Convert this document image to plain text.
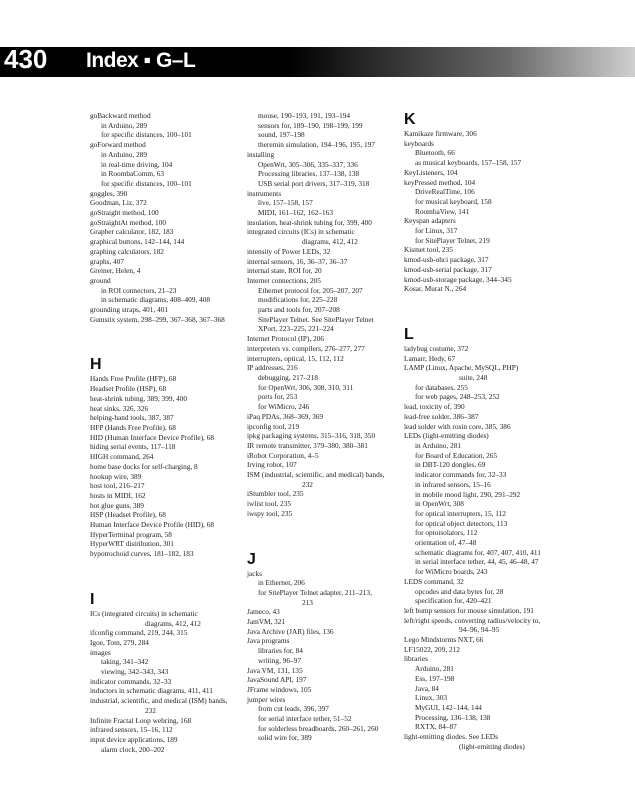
430 Index ▪ G–L
goBackward method
in Arduino, 289
for specific distances, 100–101
goForward method
in Arduino, 289
in real-time driving, 104
in RoombaComm, 63
for specific distances, 100–101
goggles, 390
Goodman, Liz, 372
goStraight method, 100
goStraightAt method, 100
Grapher calculator, 182, 183
graphical buttons, 142–144, 144
graphing calculators, 182
graphs, 407
Greiner, Helen, 4
ground
in ROI connectors, 21–23
in schematic diagrams, 408–409, 408
grounding straps, 401, 401
Gumstix system, 298–299, 367–368, 367–368
H
Hands Free Profile (HFP), 68
Headset Profile (HSP), 68
heat-shrink tubing, 389, 399, 400
heat sinks, 326, 326
helping-hand tools, 387, 387
HFP (Hands Free Profile), 68
HID (Human Interface Device Profile), 68
hiding serial events, 117–118
HIGH command, 264
home base docks for self-charging, 8
hookup wire, 389
host tool, 216–217
hosts in MIDI, 162
hot glue guns, 389
HSP (Headset Profile), 68
Human Interface Device Profile (HID), 68
HyperTerminal program, 58
HyperWRT distribution, 301
hypotrochoid curves, 181–182, 183
I
ICs (integrated circuits) in schematic
diagrams, 412, 412
ifconfig command, 219, 244, 315
Igoe, Tom, 279, 284
images
taking, 341–342
viewing, 342–343, 343
indicator commands, 32–33
inductors in schematic diagrams, 411, 411
industrial, scientific, and medical (ISM) bands,
232
Infinite Fractal Loop webring, 168
infrared sensors, 15–16, 112
input device applications, 189
alarm clock, 200–202
mouse, 190–193, 191, 193–194
sensors for, 189–190, 198–199, 199
sound, 197–198
theremin simulation, 194–196, 195, 197
installing
OpenWrt, 305–306, 335–337, 336
Processing libraries, 137–138, 138
USB serial port drivers, 317–319, 318
instruments
live, 157–158, 157
MIDI, 161–162, 162–163
insulation, heat-shrink tubing for, 399, 400
integrated circuits (ICs) in schematic
diagrams, 412, 412
intensity of Power LEDs, 32
internal sensors, 16, 36–37, 36–37
internal state, ROI for, 20
Internet connections, 205
Ethernet protocol for, 205–207, 207
modifications for, 225–228
parts and tools for, 207–208
SitePlayer Telnet. See SitePlayer Telnet
XPort, 223–225, 221–224
Internet Protocol (IP), 206
interpreters vs. compilers, 276–277, 277
interrupters, optical, 15, 112, 112
IP addresses, 216
debugging, 217–218
for OpenWrt, 306, 308, 310, 311
ports for, 253
for WiMicro, 246
iPaq PDAs, 368–369, 369
ipconfig tool, 219
ipkg packaging systems, 315–316, 318, 350
IR remote transmitter, 379–380, 380–381
iRobot Corporation, 4–5
Irving robot, 107
ISM (industrial, scientific, and medical) bands,
232
iStumbler tool, 235
iwlist tool, 235
iwspy tool, 235
J
jacks
in Ethernet, 206
for SitePlayer Telnet adapter, 211–213,
213
Jameco, 43
JamVM, 321
Java Archive (JAR) files, 136
Java programs
libraries for, 84
writing, 96–97
Java VM, 131, 135
JavaSound API, 197
JFrame windows, 105
jumper wires
from cut leads, 396, 397
for serial interface tether, 51–52
for solderless breadboards, 260–261, 260
solid wire for, 389
K
Kamikaze firmware, 306
keyboards
Bluetooth, 66
as musical keyboards, 157–158, 157
KeyListeners, 104
keyPressed method, 104
DriveRealTime, 106
for musical keyboard, 158
RoombaView, 141
Keyspan adapters
for Linux, 317
for SitePlayer Telnet, 219
Kismet tool, 235
kmod-usb-ohci package, 317
kmod-usb-serial package, 317
kmod-usb-storage package, 344–345
Kosar, Murat N., 264
L
ladybug costume, 372
Lamarr, Hedy, 67
LAMP (Linux, Apache, MySQL, PHP)
suite, 248
for databases, 255
for web pages, 248–253, 252
lead, toxicity of, 390
lead-free solder, 386–387
lead solder with rosin core, 385, 386
LEDs (light-emitting diodes)
in Arduino, 281
for Board of Education, 265
in DBT-120 dongles, 69
indicator commands for, 32–33
in infrared sensors, 15–16
in mobile mood light, 290, 291–292
in OpenWrt, 308
for optical interrupters, 15, 112
for optical object detectors, 113
for optoisolators, 112
orientation of, 47–48
schematic diagrams for, 407, 407, 410, 411
in serial interface tether, 44, 45, 46–48, 47
for WiMicro boards, 243
LEDS command, 32
opcodes and data bytes for, 28
specification for, 420–421
left bump sensors for mouse simulation, 191
left/right speeds, converting radius/velocity to,
94–96, 94–95
Lego Mindstorms NXT, 66
LF15022, 209, 212
libraries
Arduino, 281
Ess, 197–198
Java, 84
Linux, 303
MyGUI, 142–144, 144
Processing, 136–138, 138
RXTX, 84–87
light-emitting diodes. See LEDs
(light-emitting diodes)
